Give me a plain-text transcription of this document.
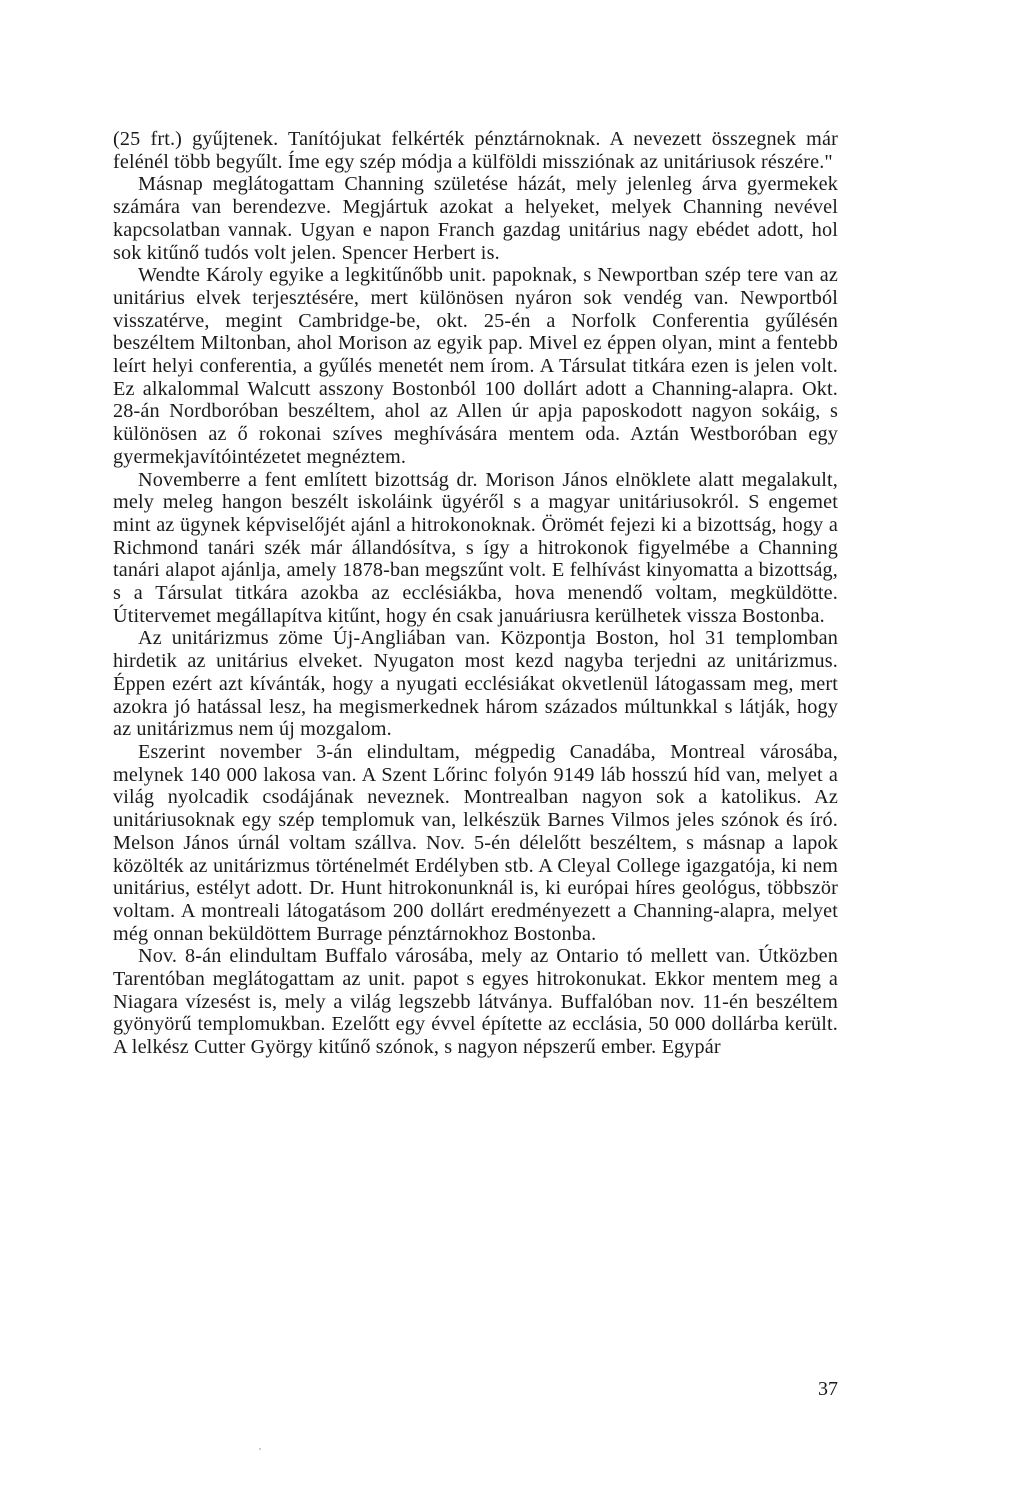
(25 frt.) gyűjtenek. Tanítójukat felkérték pénztárnoknak. A nevezett összegnek már felénél több begyűlt. Íme egy szép módja a külföldi missziónak az unitáriusok részére."

Másnap meglátogattam Channing születése házát, mely jelenleg árva gyermekek számára van berendezve. Megjártuk azokat a helyeket, melyek Channing nevével kapcsolatban vannak. Ugyan e napon Franch gazdag unitárius nagy ebédet adott, hol sok kitűnő tudós volt jelen. Spencer Herbert is.

Wendte Károly egyike a legkitűnőbb unit. papoknak, s Newportban szép tere van az unitárius elvek terjesztésére, mert különösen nyáron sok vendég van. Newportból visszatérve, megint Cambridge-be, okt. 25-én a Norfolk Conferentia gyűlésén beszéltem Miltonban, ahol Morison az egyik pap. Mivel ez éppen olyan, mint a fentebb leírt helyi conferentia, a gyűlés menetét nem írom. A Társulat titkára ezen is jelen volt. Ez alkalommal Walcutt asszony Bostonból 100 dollárt adott a Channing-alapra. Okt. 28-án Nordboróban beszéltem, ahol az Allen úr apja paposkodott nagyon sokáig, s különösen az ő rokonai szíves meghívására mentem oda. Aztán Westboróban egy gyermekjavítóintézetet megnéztem.

Novemberre a fent említett bizottság dr. Morison János elnöklete alatt megalakult, mely meleg hangon beszélt iskoláink ügyéről s a magyar unitáriusokról. S engemet mint az ügynek képviselőjét ajánl a hitrokonoknak. Örömét fejezi ki a bizottság, hogy a Richmond tanári szék már állandósítva, s így a hitrokonok figyelmébe a Channing tanári alapot ajánlja, amely 1878-ban megszűnt volt. E felhívást kinyomatta a bizottság, s a Társulat titkára azokba az ecclésiákba, hova menendő voltam, megküldötte. Útitervemet megállapítva kitűnt, hogy én csak januáriusra kerülhetek vissza Bostonba.

Az unitárizmus zöme Új-Angliában van. Központja Boston, hol 31 templomban hirdetik az unitárius elveket. Nyugaton most kezd nagyba terjedni az unitárizmus. Éppen ezért azt kívánták, hogy a nyugati ecclésiákat okvetlenül látogassam meg, mert azokra jó hatással lesz, ha megismerkednek három százados múltunkkal s látják, hogy az unitárizmus nem új mozgalom.

Eszerint november 3-án elindultam, mégpedig Canadába, Montreal városába, melynek 140 000 lakosa van. A Szent Lőrinc folyón 9149 láb hosszú híd van, melyet a világ nyolcadik csodájának neveznek. Montrealban nagyon sok a katolikus. Az unitáriusoknak egy szép templomuk van, lelkészük Barnes Vilmos jeles szónok és író. Melson János úrnál voltam szállva. Nov. 5-én délelőtt beszéltem, s másnap a lapok közölték az unitárizmus történelmét Erdélyben stb. A Cleyal College igazgatója, ki nem unitárius, estélyt adott. Dr. Hunt hitrokonunknál is, ki európai híres geológus, többször voltam. A montreali látogatásom 200 dollárt eredményezett a Channing-alapra, melyet még onnan beküldöttem Burrage pénztárnokhoz Bostonba.

Nov. 8-án elindultam Buffalo városába, mely az Ontario tó mellett van. Útközben Tarentóban meglátogattam az unit. papot s egyes hitrokonukat. Ekkor mentem meg a Niagara vízesést is, mely a világ legszebb látványa. Buffalóban nov. 11-én beszéltem gyönyörű templomukban. Ezelőtt egy évvel építette az ecclásia, 50 000 dollárba került. A lelkész Cutter György kitűnő szónok, s nagyon népszerű ember. Egypár

37
